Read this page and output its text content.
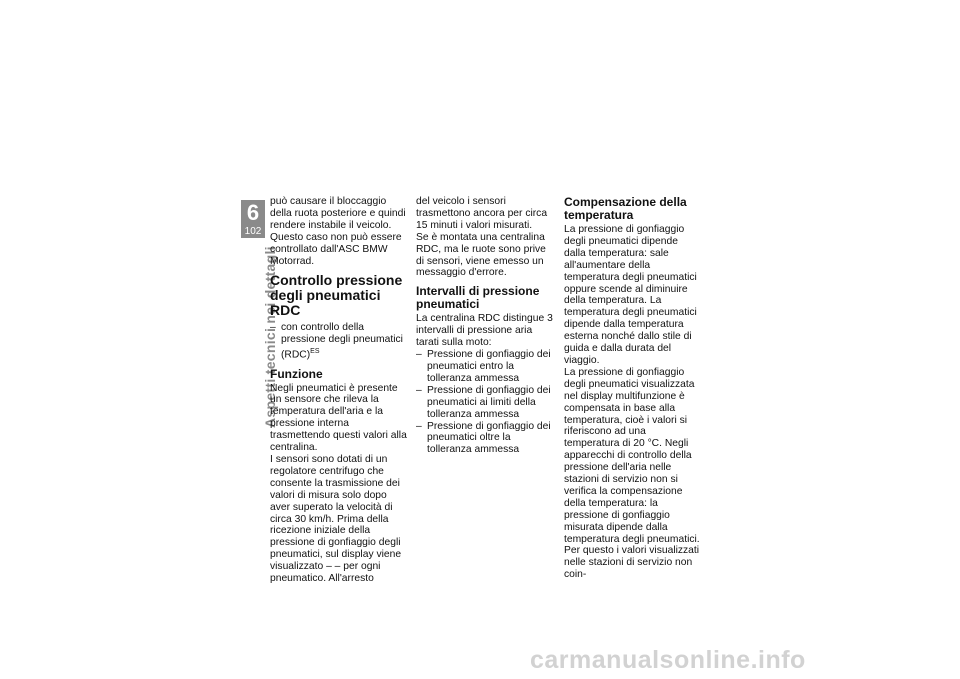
6
102
Aspetti tecnici nei dettagli

può causare il bloccaggio della ruota posteriore e quindi rendere instabile il veicolo. Questo caso non può essere controllato dall'ASC BMW Motorrad.

Controllo pressione degli pneumatici RDC

– con controllo della pressione degli pneumatici (RDC)$^{ES}$

Funzione

Negli pneumatici è presente un sensore che rileva la temperatura dell'aria e la pressione interna trasmettendo questi valori alla centralina.

I sensori sono dotati di un regolatore centrifugo che consente la trasmissione dei valori di misura solo dopo aver superato la velocità di circa 30 km/h. Prima della ricezione iniziale della pressione di gonfiaggio degli pneumatici, sul display viene visualizzato – – per ogni pneumatico. All'arresto

del veicolo i sensori trasmettono ancora per circa 15 minuti i valori misurati.

Se è montata una centralina RDC, ma le ruote sono prive di sensori, viene emesso un messaggio d'errore.

Intervalli di pressione pneumatici

La centralina RDC distingue 3 intervalli di pressione aria tarati sulla moto:

– Pressione di gonfiaggio dei pneumatici entro la tolleranza ammessa

– Pressione di gonfiaggio dei pneumatici ai limiti della tolleranza ammessa

– Pressione di gonfiaggio dei pneumatici oltre la tolleranza ammessa

Compensazione della temperatura

La pressione di gonfiaggio degli pneumatici dipende dalla temperatura: sale all'aumentare della temperatura degli pneumatici oppure scende al diminuire della temperatura. La temperatura degli pneumatici dipende dalla temperatura esterna nonché dallo stile di guida e dalla durata del viaggio.

La pressione di gonfiaggio degli pneumatici visualizzata nel display multifunzione è compensata in base alla temperatura, cioè i valori si riferiscono ad una temperatura di 20 °C. Negli apparecchi di controllo della pressione dell'aria nelle stazioni di servizio non si verifica la compensazione della temperatura: la pressione di gonfiaggio misurata dipende dalla temperatura degli pneumatici. Per questo i valori visualizzati nelle stazioni di servizio non coin-

carmanualsonline.info
